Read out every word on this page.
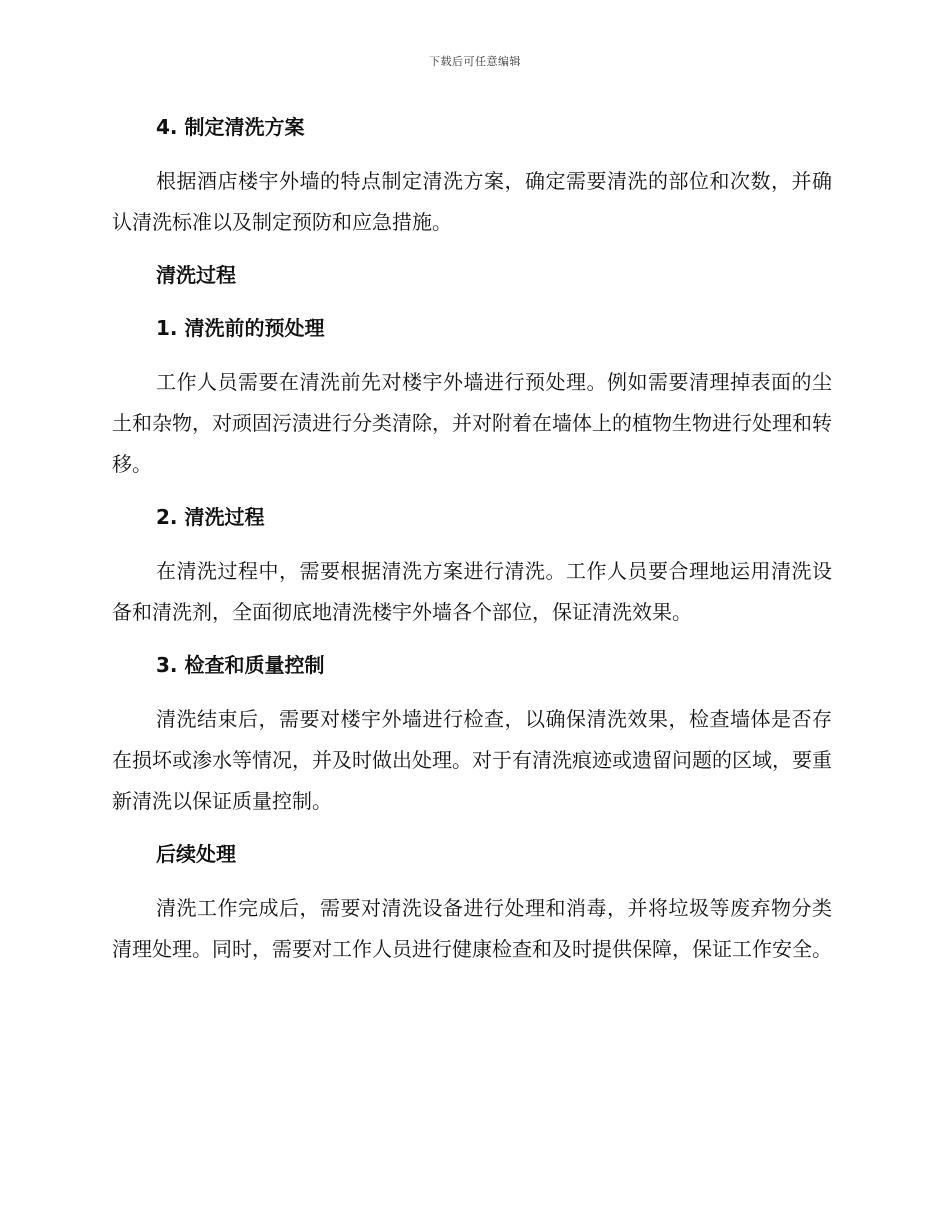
下载后可任意编辑
4. 制定清洗方案

根据酒店楼宇外墙的特点制定清洗方案，确定需要清洗的部位和次数，并确认清洗标准以及制定预防和应急措施。

清洗过程
1. 清洗前的预处理

工作人员需要在清洗前先对楼宇外墙进行预处理。例如需要清理掉表面的尘土和杂物，对顽固污渍进行分类清除，并对附着在墙体上的植物生物进行处理和转移。

2. 清洗过程

在清洗过程中，需要根据清洗方案进行清洗。工作人员要合理地运用清洗设备和清洗剂，全面彻底地清洗楼宇外墙各个部位，保证清洗效果。

3. 检查和质量控制

清洗结束后，需要对楼宇外墙进行检查，以确保清洗效果，检查墙体是否存在损坏或渗水等情况，并及时做出处理。对于有清洗痕迹或遗留问题的区域，要重新清洗以保证质量控制。

后续处理

清洗工作完成后，需要对清洗设备进行处理和消毒，并将垃圾等废弃物分类清理处理。同时，需要对工作人员进行健康检查和及时提供保障，保证工作安全。
